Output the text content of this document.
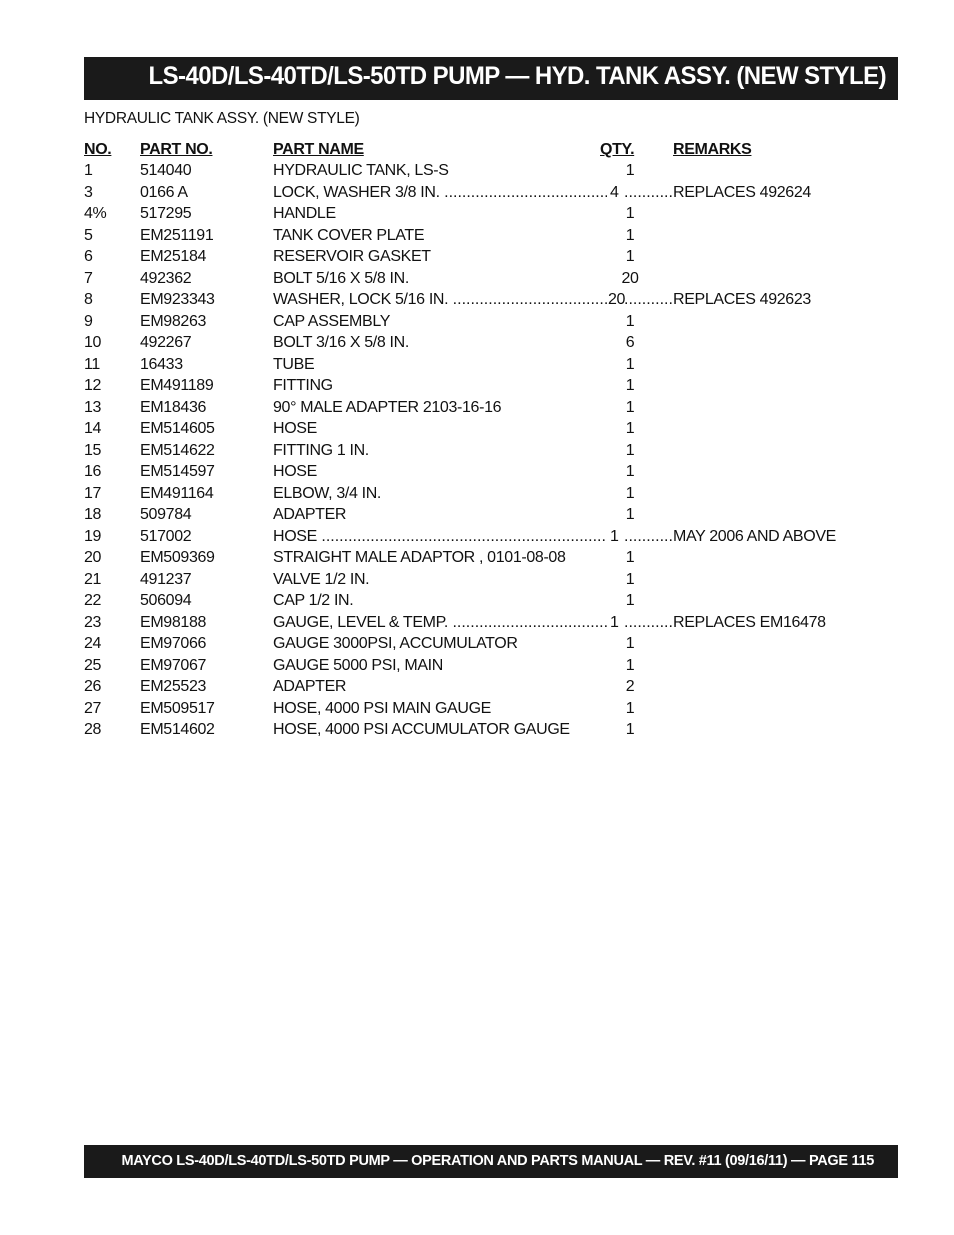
LS-40D/LS-40TD/LS-50TD PUMP — HYD. TANK ASSY. (NEW STYLE)
HYDRAULIC TANK ASSY. (NEW STYLE)
NO. PART NO.	PART NAME	QTY. REMARKS
1	514040	HYDRAULIC TANK, LS-S	1
3	0166 A	LOCK, WASHER 3/8 IN. .....	4 .....	REPLACES 492624
4% 517295	HANDLE	1
5	EM251191	TANK COVER PLATE	1
6	EM25184	RESERVOIR GASKET	1
7	492362	BOLT 5/16 X 5/8 IN.	20
8	EM923343	WASHER, LOCK 5/16 IN. .....	20 .....	REPLACES 492623
9	EM98263	CAP ASSEMBLY	1
10 492267	BOLT 3/16 X 5/8 IN.	6
11	16433	TUBE	1
12 EM491189	FITTING	1
13 EM18436	90° MALE ADAPTER 2103-16-16	1
14 EM514605	HOSE	1
15 EM514622	FITTING 1 IN.	1
16 EM514597	HOSE	1
17 EM491164	ELBOW, 3/4 IN.	1
18 509784	ADAPTER	1
19 517002	HOSE .....	1 .....	MAY 2006 AND ABOVE
20 EM509369	STRAIGHT MALE ADAPTOR , 0101-08-08	1
21 491237	VALVE 1/2 IN.	1
22 506094	CAP 1/2 IN.	1
23 EM98188	GAUGE, LEVEL & TEMP. .....	1 .....	REPLACES EM16478
24 EM97066	GAUGE 3000PSI, ACCUMULATOR	1
25 EM97067	GAUGE 5000 PSI, MAIN	1
26 EM25523	ADAPTER	2
27 EM509517	HOSE, 4000 PSI MAIN GAUGE	1
28 EM514602	HOSE, 4000 PSI ACCUMULATOR GAUGE	1
MAYCO LS-40D/LS-40TD/LS-50TD PUMP — OPERATION AND PARTS MANUAL — REV. #11 (09/16/11) — PAGE 115
